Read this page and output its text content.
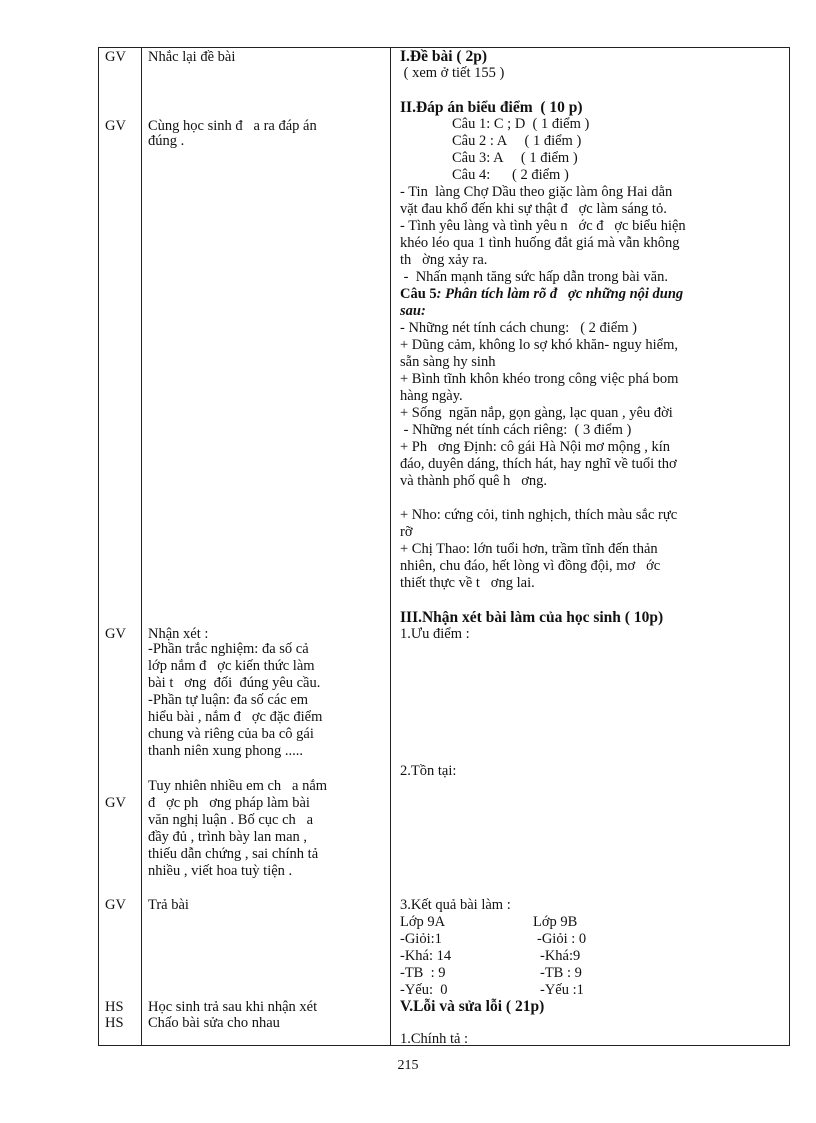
GV
GV
GV
GV
GV
HS
HS
Nhắc lại đề bài
Cùng học sinh đ   a ra đáp án
đúng .
Nhận xét :
-Phần trắc nghiệm: đa số cả
lớp nắm đ   ợc kiến thức làm
bài t   ơng  đối  đúng yêu cầu.
-Phần tự luận: đa số các em
hiểu bài , nắm đ   ợc đặc điểm
chung và riêng của ba cô gái
thanh niên xung phong .....
Tuy nhiên nhiều em ch   a nắm
đ   ợc ph   ơng pháp làm bài
văn nghị luận . Bố cục ch   a
đầy đủ , trình bày lan man ,
thiếu dẫn chứng , sai chính tả
nhiều , viết hoa tuỳ tiện .
Trả bài
Học sinh trả sau khi nhận xét
Chấo bài sửa cho nhau
I.Đề bài ( 2p)
( xem ở tiết 155 )
II.Đáp án biểu điểm  ( 10 p)
Câu 1: C ; D  ( 1 điểm )
Câu 2 : A     ( 1 điểm )
Câu 3: A     ( 1 điểm )
Câu 4:      ( 2 điểm )
- Tin  làng Chợ Dầu theo giặc làm ông Hai dằn
vặt đau khổ đến khi sự thật đ   ợc làm sáng tỏ.
- Tình yêu làng và tình yêu n   ớc đ   ợc biểu hiện
khéo léo qua 1 tình huống đắt giá mà vẫn không
th   ờng xảy ra.
-  Nhấn mạnh tăng sức hấp dẫn trong bài văn.
Câu 5: Phân tích làm rõ đ   ợc những nội dung
sau:
- Những nét tính cách chung:   ( 2 điểm )
+ Dũng cảm, không lo sợ khó khăn- nguy hiểm,
sẵn sàng hy sinh
+ Bình tĩnh khôn khéo trong công việc phá bom
hàng ngày.
+ Sống  ngăn nắp, gọn gàng, lạc quan , yêu đời
- Những nét tính cách riêng:  ( 3 điểm )
+ Ph   ơng Định: cô gái Hà Nội mơ mộng , kín
đáo, duyên dáng, thích hát, hay nghĩ về tuổi thơ
và thành phố quê h   ơng.
+ Nho: cứng cỏi, tinh nghịch, thích màu sắc rực
rỡ
+ Chị Thao: lớn tuổi hơn, trầm tĩnh đến thản
nhiên, chu đáo, hết lòng vì đồng đội, mơ   ớc
thiết thực về t   ơng lai.
III.Nhận xét bài làm của học sinh ( 10p)
1.Ưu điểm :
2.Tồn tại:
3.Kết quả bài làm :
Lớp 9A
-Giỏi:1
-Khá: 14
-TB  : 9
-Yếu:  0
Lớp 9B
-Giỏi : 0
-Khá:9
-TB : 9
-Yếu :1
V.Lỗi và sửa lỗi ( 21p)
1.Chính tả :
215
